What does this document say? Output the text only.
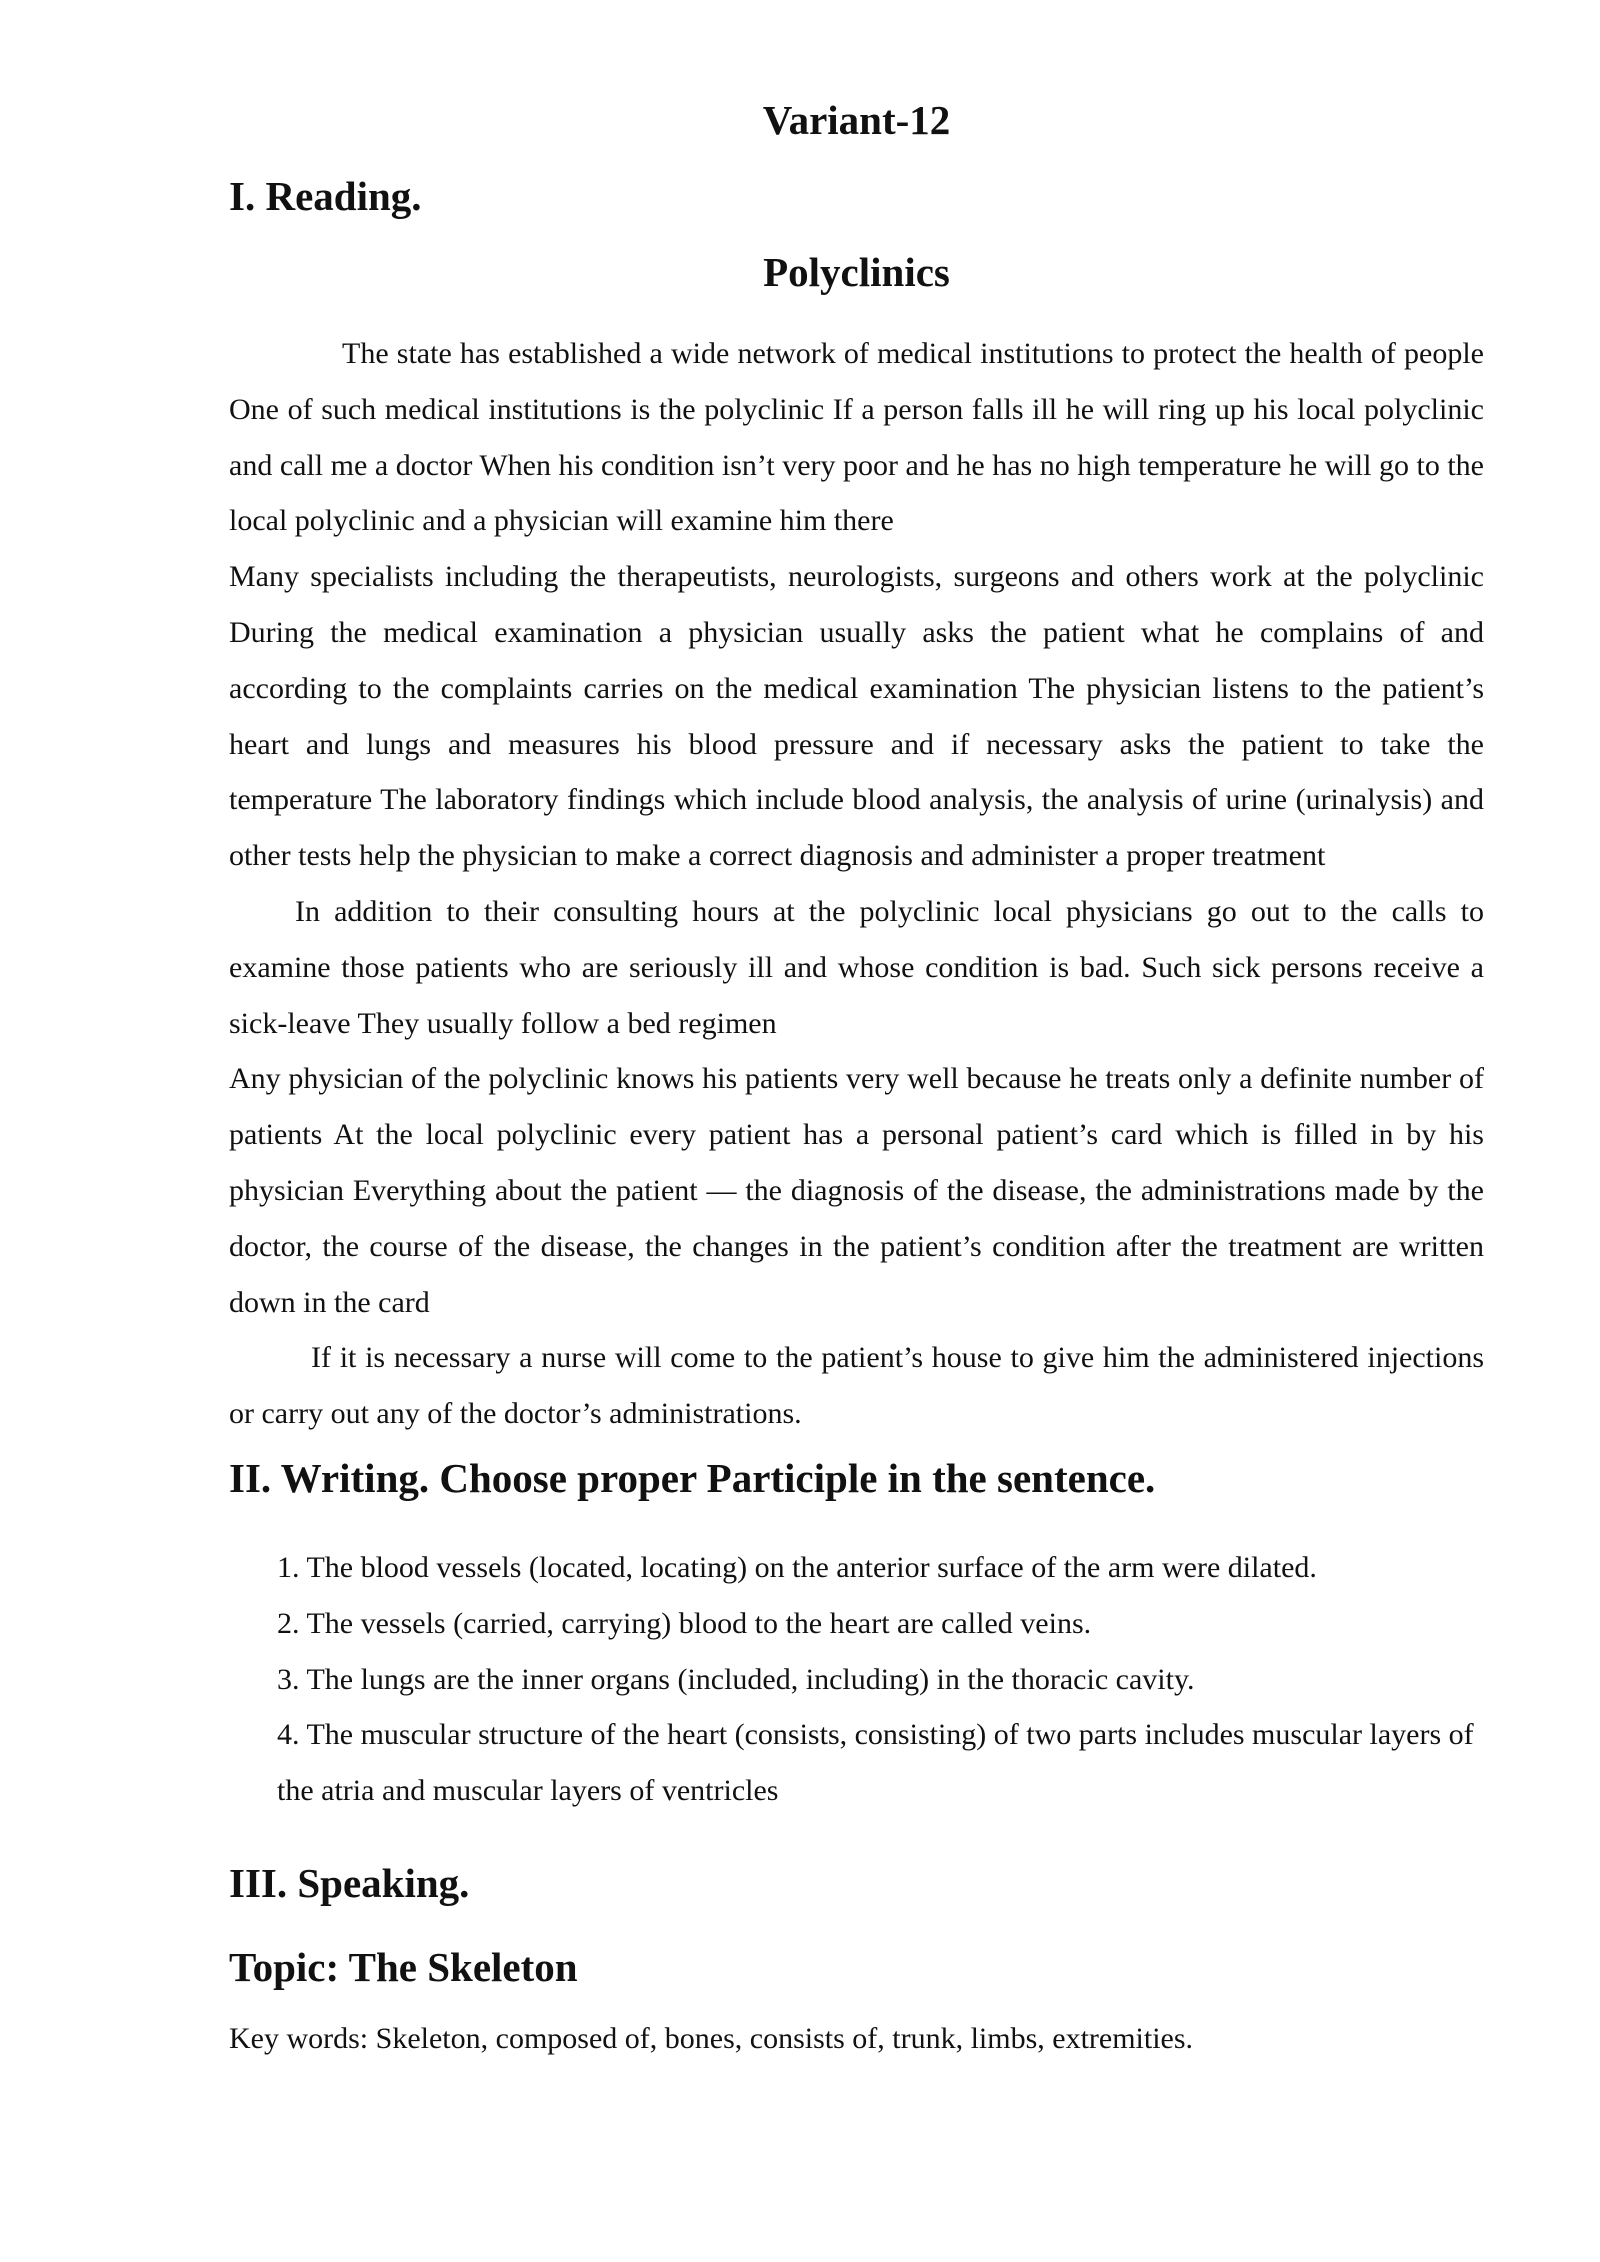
Variant-12
I. Reading.
Polyclinics

The state has established a wide network of medical institutions to protect the health of people One of such medical institutions is the polyclinic If a person falls ill he will ring up his local polyclinic and call me a doctor When his condition isn’t very poor and he has no high temperature he will go to the local polyclinic and a physician will examine him there

Many specialists including the therapeutists, neurologists, surgeons and others work at the polyclinic During the medical examination a physician usually asks the patient what he complains of and according to the complaints carries on the medical examination The physician listens to the patient’s heart and lungs and measures his blood pressure and if necessary asks the patient to take the temperature The laboratory findings which include blood analysis, the analysis of urine (urinalysis) and other tests help the physician to make a correct diagnosis and administer a proper treatment

In addition to their consulting hours at the polyclinic local physicians go out to the calls to examine those patients who are seriously ill and whose condition is bad. Such sick persons receive a sick-leave They usually follow a bed regimen

Any physician of the polyclinic knows his patients very well because he treats only a definite number of patients At the local polyclinic every patient has a personal patient’s card which is filled in by his physician Everything about the patient — the diagnosis of the disease, the administrations made by the doctor, the course of the disease, the changes in the patient’s condition after the treatment are written down in the card

If it is necessary a nurse will come to the patient’s house to give him the administered injections or carry out any of the doctor’s administrations.

II. Writing. Choose proper Participle in the sentence.
1. The blood vessels (located, locating) on the anterior surface of the arm were dilated.
2. The vessels (carried, carrying) blood to the heart are called veins.
3. The lungs are the inner organs (included, including) in the thoracic cavity.
4. The muscular structure of the heart (consists, consisting) of two parts includes muscular layers of the atria and muscular layers of ventricles
III. Speaking.
Topic: The Skeleton

Key words: Skeleton, composed of, bones, consists of, trunk, limbs, extremities.
